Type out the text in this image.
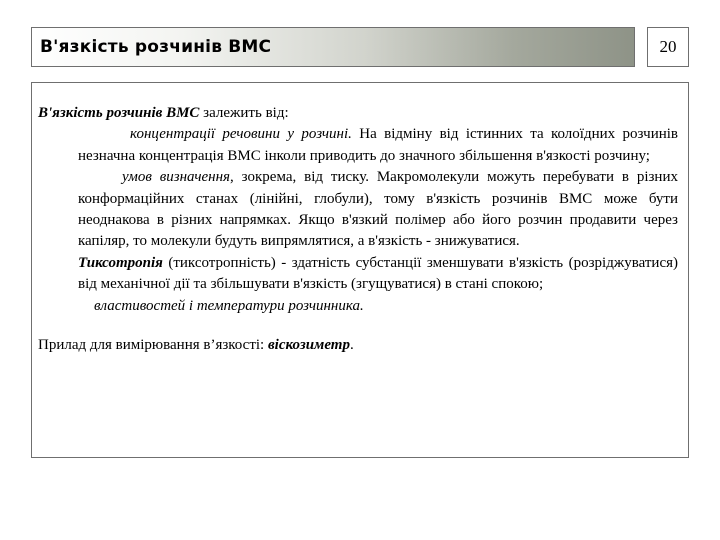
В'язкість розчинів ВМС	20

В'язкість розчинів ВМС залежить від:

концентрації речовини у розчині. На відміну від істинних та колоїдних розчинів незначна концентрація ВМС інколи приводить до значного збільшення в'язкості розчину;

умов визначення, зокрема, від тиску. Макромолекули можуть перебувати в різних конформаційних станах (лінійні, глобули), тому в'язкість розчинів ВМС може бути неоднакова в різних напрямках. Якщо в'язкий полімер або його розчин продавити через капіляр, то молекули будуть випрямлятися, а в'язкість - знижуватися.

Тиксотропія (тиксотропність) - здатність субстанції зменшувати в'язкість (розріджуватися) від механічної дії та збільшувати в'язкість (згущуватися) в стані спокою;

властивостей і температури розчинника.

Прилад для вимірювання в’язкості: віскозиметр.
